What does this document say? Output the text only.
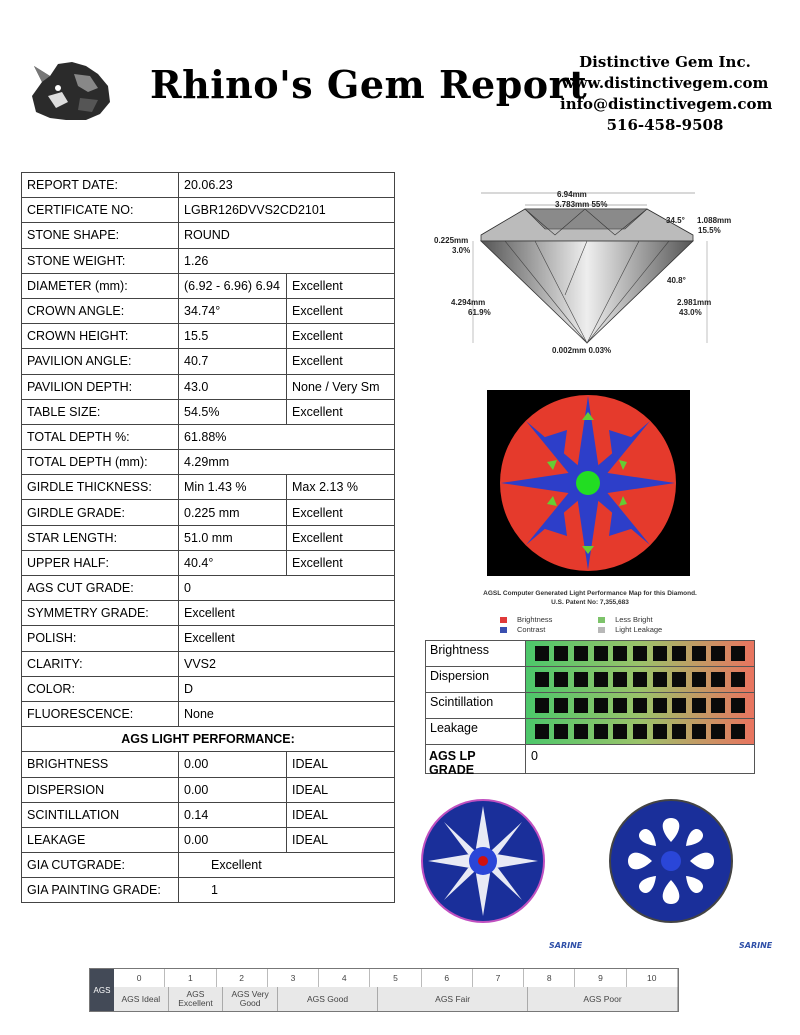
Rhino's Gem Report
Distinctive Gem Inc.
www.distinctivegem.com
info@distinctivegem.com
516-458-9508
REPORT DATE:	20.06.23	
CERTIFICATE NO:	LGBR126DVVS2CD2101	
STONE SHAPE:	ROUND	
STONE WEIGHT:	1.26	
DIAMETER (mm):	(6.92 - 6.96) 6.94	Excellent
CROWN ANGLE:	34.74°	Excellent
CROWN HEIGHT:	15.5	Excellent
PAVILION ANGLE:	40.7	Excellent
PAVILION DEPTH:	43.0	None / Very Sm
TABLE SIZE:	54.5%	Excellent
TOTAL DEPTH %:	61.88%	
TOTAL DEPTH (mm):	4.29mm	
GIRDLE THICKNESS:	Min 1.43 %	Max 2.13 %
GIRDLE GRADE:	0.225 mm	Excellent
STAR LENGTH:	51.0 mm	Excellent
UPPER HALF:	40.4°	Excellent
AGS CUT GRADE:	0	
SYMMETRY GRADE:	Excellent	
POLISH:	Excellent	
CLARITY:	VVS2	
COLOR:	D	
FLUORESCENCE:	None	
AGS LIGHT PERFORMANCE:		
BRIGHTNESS	0.00	IDEAL
DISPERSION	0.00	IDEAL
SCINTILLATION	0.14	IDEAL
LEAKAGE	0.00	IDEAL
GIA CUTGRADE:	Excellent	
GIA PAINTING GRADE:	1	
6.94mm
3.783mm 55%
34.5° 1.088mm
15.5%
0.225mm
3.0%
40.8°
4.294mm
61.9%
2.981mm
43.0%
0.002mm 0.03%
AGSL Computer Generated Light Performance Map for this Diamond.
U.S. Patent No: 7,355,683
Brightness	Less Bright
Contrast	Light Leakage
Brightness
Dispersion
Scintillation
Leakage
AGS LP GRADE
0
SARINE	SARINE
AGS
0	1	2	3	4	5	6	7	8	9	10
AGS Ideal	AGS Excellent
AGS Very Good	AGS Good	AGS Fair	AGS Poor
